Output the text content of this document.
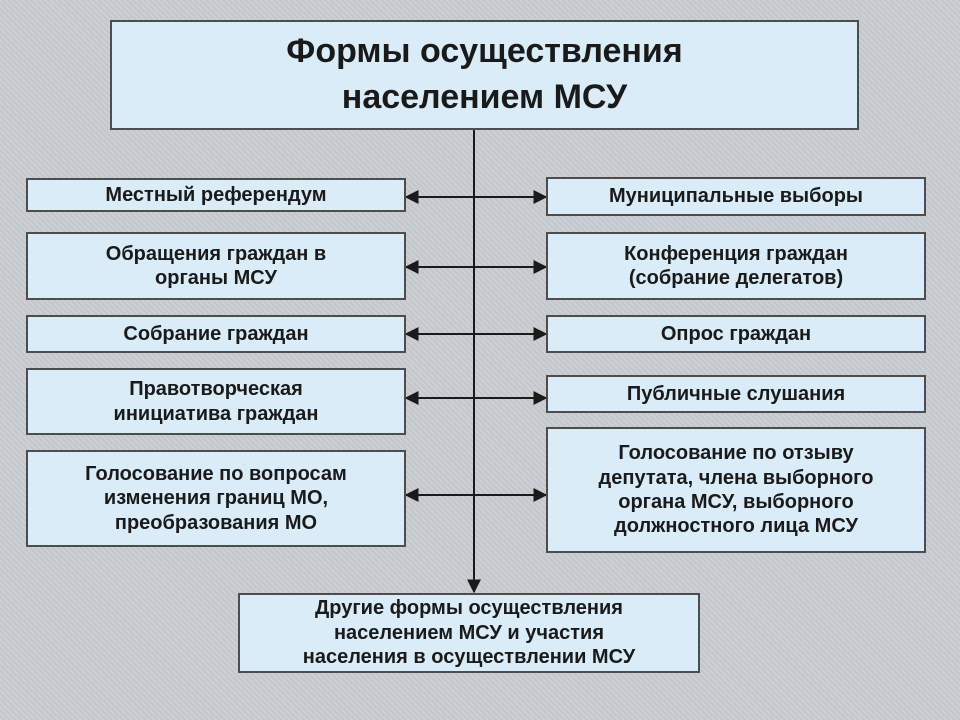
Формы осуществления
населением МСУ
Местный референдум
Обращения граждан в
органы МСУ
Собрание граждан
Правотворческая
инициатива граждан
Голосование по вопросам
изменения границ МО,
преобразования МО
Муниципальные выборы
Конференция граждан
(собрание делегатов)
Опрос граждан
Публичные слушания
Голосование по отзыву
депутата, члена выборного
органа МСУ, выборного
должностного лица МСУ
Другие формы осуществления
населением МСУ и участия
населения в осуществлении МСУ
